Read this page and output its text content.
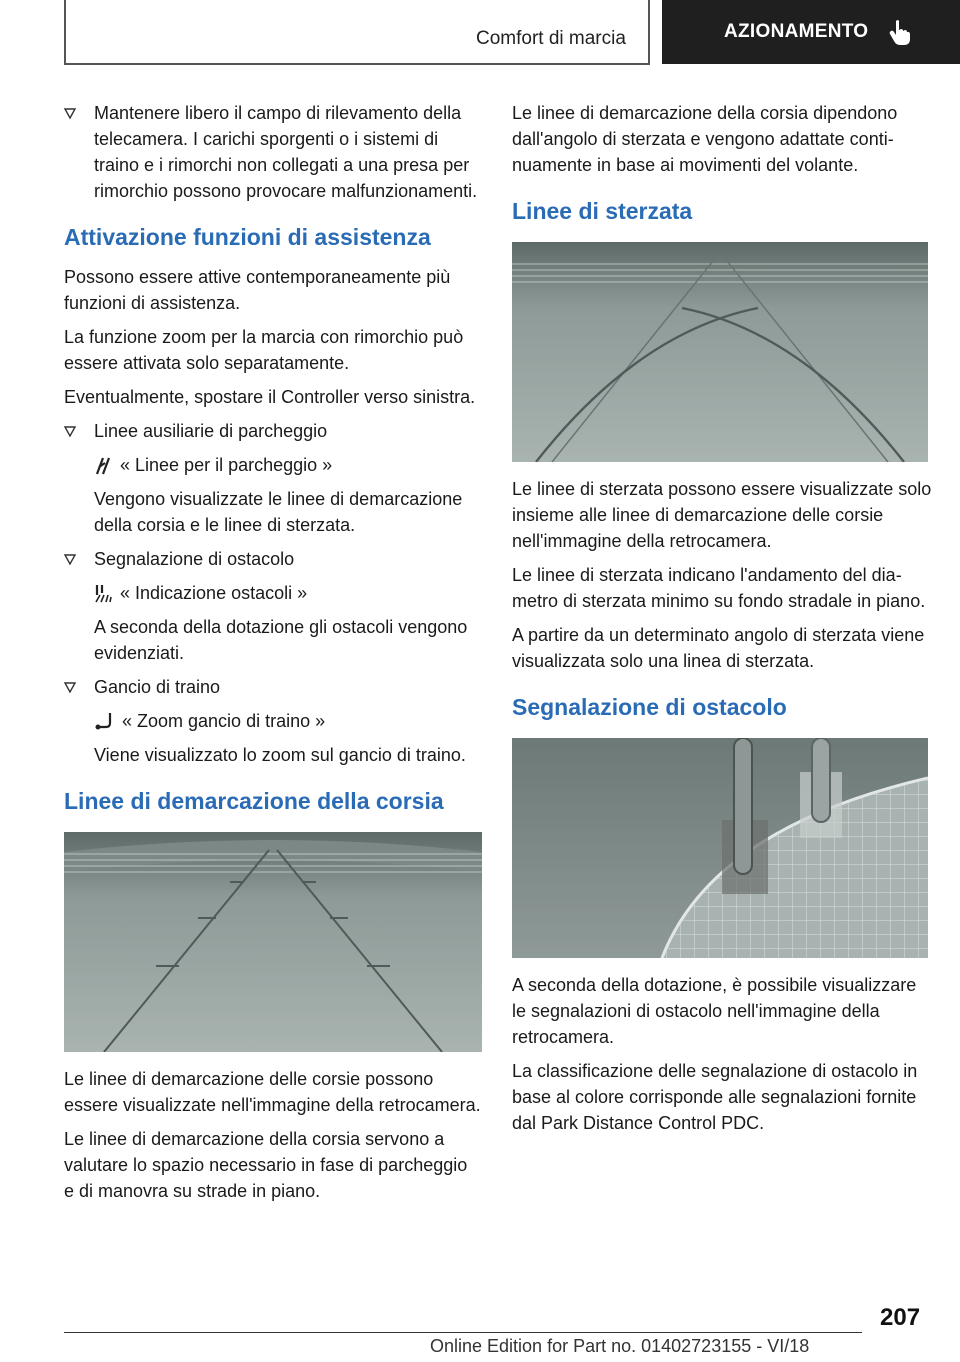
Comfort di marcia	AZIONAMENTO
Mantenere libero il campo di rilevamento della telecamera. I carichi sporgenti o i sistemi di traino e i rimorchi non collegati a una presa per rimorchio possono provocare malfunzionamenti.
Attivazione funzioni di assistenza

Possono essere attive contemporaneamente più funzioni di assistenza.

La funzione zoom per la marcia con rimorchio può essere attivata solo separatamente.

Eventualmente, spostare il Controller verso sinistra.

Linee ausiliarie di parcheggio
« Linee per il parcheggio »

Vengono visualizzate le linee di demarcazione della corsia e le linee di sterzata.

Segnalazione di ostacolo
« Indicazione ostacoli »

A seconda della dotazione gli ostacoli vengono evidenziati.

Gancio di traino
« Zoom gancio di traino »

Viene visualizzato lo zoom sul gancio di traino.

Linee di demarcazione della corsia

Le linee di demarcazione delle corsie possono essere visualizzate nell'immagine della retrocamera.

Le linee di demarcazione della corsia servono a valutare lo spazio necessario in fase di parcheggio e di manovra su strade in piano.

Le linee di demarcazione della corsia dipendono dall'angolo di sterzata e vengono adattate continuamente in base ai movimenti del volante.

Linee di sterzata

Le linee di sterzata possono essere visualizzate solo insieme alle linee di demarcazione delle corsie nell'immagine della retrocamera.

Le linee di sterzata indicano l'andamento del diametro di sterzata minimo su fondo stradale in piano.

A partire da un determinato angolo di sterzata viene visualizzata solo una linea di sterzata.

Segnalazione di ostacolo

A seconda della dotazione, è possibile visualizzare le segnalazioni di ostacolo nell'immagine della retrocamera.

La classificazione delle segnalazione di ostacolo in base al colore corrisponde alle segnalazioni fornite dal Park Distance Control PDC.

207
Online Edition for Part no. 01402723155 - VI/18
